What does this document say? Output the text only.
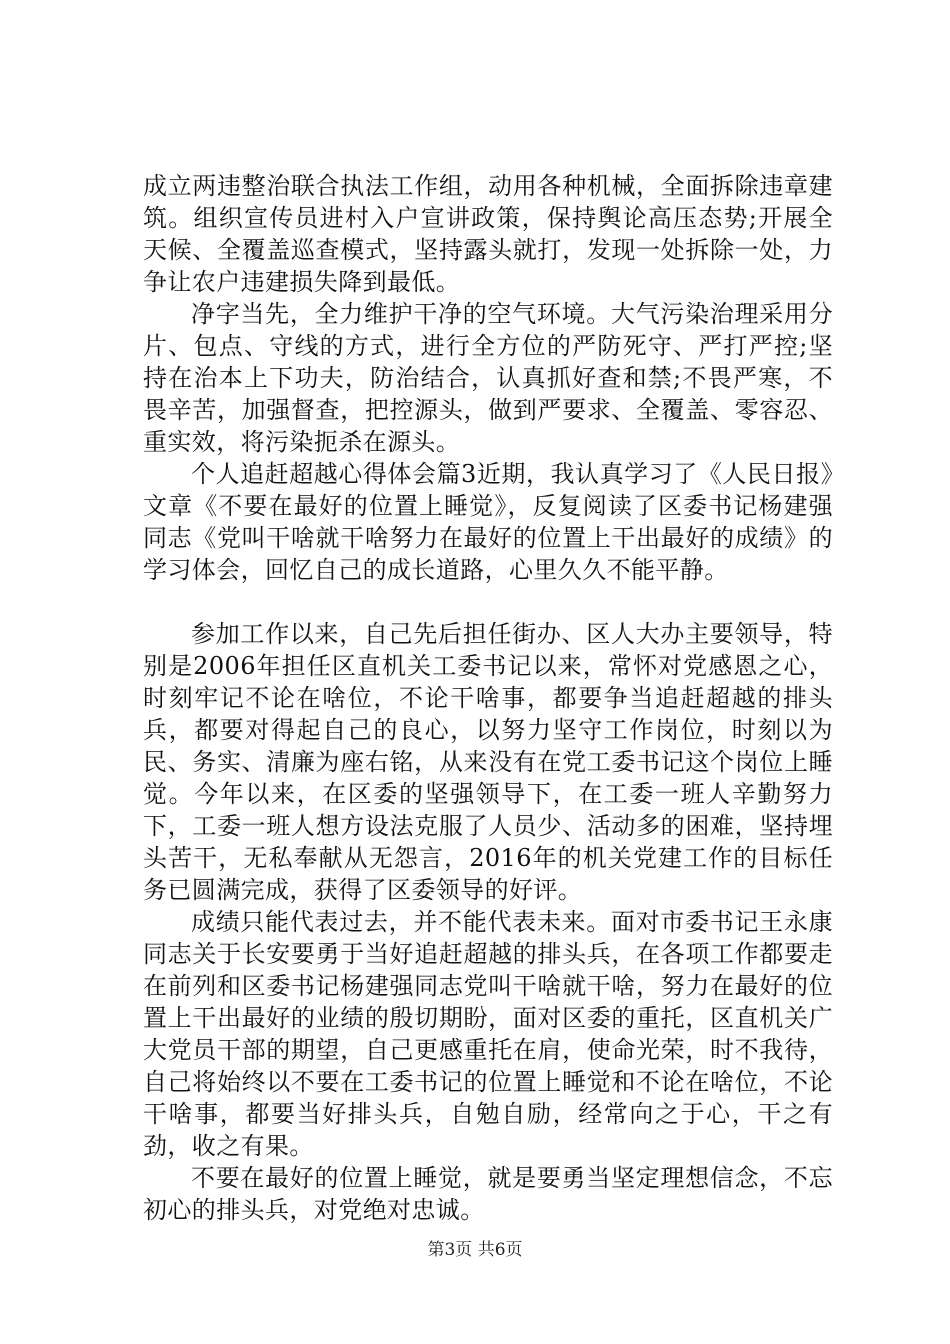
成立两违整治联合执法工作组，动用各种机械，全面拆除违章建筑。组织宣传员进村入户宣讲政策，保持舆论高压态势;开展全天候、全覆盖巡查模式，坚持露头就打，发现一处拆除一处，力争让农户违建损失降到最低。

净字当先，全力维护干净的空气环境。大气污染治理采用分片、包点、守线的方式，进行全方位的严防死守、严打严控;坚持在治本上下功夫，防治结合，认真抓好查和禁;不畏严寒，不畏辛苦，加强督查，把控源头，做到严要求、全覆盖、零容忍、重实效，将污染扼杀在源头。

个人追赶超越心得体会篇3近期，我认真学习了《人民日报》文章《不要在最好的位置上睡觉》，反复阅读了区委书记杨建强同志《党叫干啥就干啥努力在最好的位置上干出最好的成绩》的学习体会，回忆自己的成长道路，心里久久不能平静。

参加工作以来，自己先后担任街办、区人大办主要领导，特别是2006年担任区直机关工委书记以来，常怀对党感恩之心，时刻牢记不论在啥位，不论干啥事，都要争当追赶超越的排头兵，都要对得起自己的良心，以努力坚守工作岗位，时刻以为民、务实、清廉为座右铭，从来没有在党工委书记这个岗位上睡觉。今年以来，在区委的坚强领导下，在工委一班人辛勤努力下，工委一班人想方设法克服了人员少、活动多的困难，坚持埋头苦干，无私奉献从无怨言，2016年的机关党建工作的目标任务已圆满完成，获得了区委领导的好评。

成绩只能代表过去，并不能代表未来。面对市委书记王永康同志关于长安要勇于当好追赶超越的排头兵，在各项工作都要走在前列和区委书记杨建强同志党叫干啥就干啥，努力在最好的位置上干出最好的业绩的殷切期盼，面对区委的重托，区直机关广大党员干部的期望，自己更感重托在肩，使命光荣，时不我待，自己将始终以不要在工委书记的位置上睡觉和不论在啥位，不论干啥事，都要当好排头兵，自勉自励，经常向之于心，干之有劲，收之有果。

不要在最好的位置上睡觉，就是要勇当坚定理想信念，不忘初心的排头兵，对党绝对忠诚。

第3页 共6页
